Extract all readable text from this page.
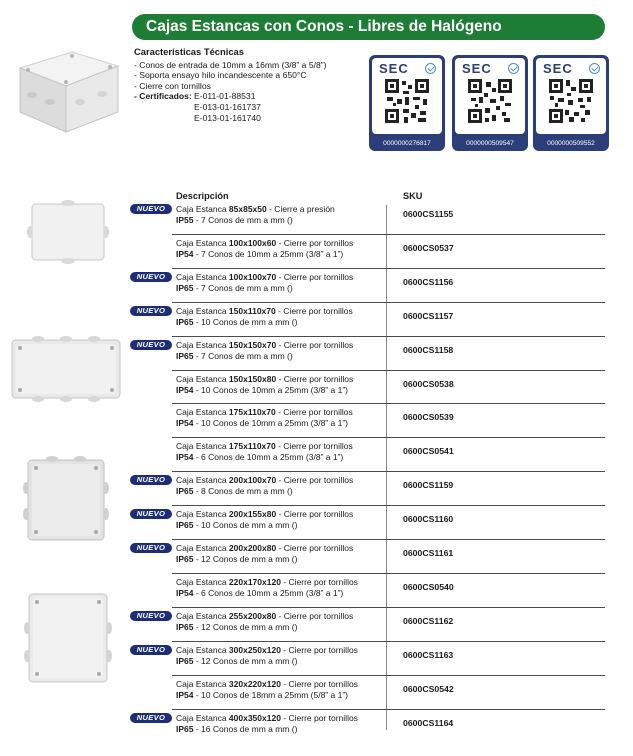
Cajas Estancas con Conos - Libres de Halógeno
Características Técnicas
- Conos de entrada de 10mm a 16mm (3/8” a 5/8”)
- Soporta ensayo hilo incandescente a 650°C
- Cierre con tornillos
- Certificados: E-011-01-88531
E-013-01-161737
E-013-01-161740
SEC
0000000276817
SEC
0000000509547
SEC
0000000509552
Descripción	SKU
NUEVO	Caja Estanca 85x85x50 - Cierre a presión
IP55 - 7 Conos de mm a mm ()
0600CS1155
Caja Estanca 100x100x60 - Cierre por tornillos
IP54 - 7 Conos de 10mm a 25mm (3/8” a 1”)
0600CS0537
NUEVO	Caja Estanca 100x100x70 - Cierre por tornillos
IP65 - 7 Conos de mm a mm ()
0600CS1156
NUEVO	Caja Estanca 150x110x70 - Cierre por tornillos
IP65 - 10 Conos de mm a mm ()
0600CS1157
NUEVO	Caja Estanca 150x150x70 - Cierre por tornillos
IP65 - 7 Conos de mm a mm ()
0600CS1158
Caja Estanca 150x150x80 - Cierre por tornillos
IP54 - 10 Conos de 10mm a 25mm (3/8” a 1”)
0600CS0538
Caja Estanca 175x110x70 - Cierre por tornillos
IP54 - 10 Conos de 10mm a 25mm (3/8” a 1”)
0600CS0539
Caja Estanca 175x110x70 - Cierre por tornillos
IP54 - 6 Conos de 10mm a 25mm (3/8” a 1”)
0600CS0541
NUEVO	Caja Estanca 200x100x70 - Cierre por tornillos
IP65 - 8 Conos de mm a mm ()
0600CS1159
NUEVO	Caja Estanca 200x155x80 - Cierre por tornillos
IP65 - 10 Conos de mm a mm ()
0600CS1160
NUEVO	Caja Estanca 200x200x80 - Cierre por tornillos
IP65 - 12 Conos de mm a mm ()
0600CS1161
Caja Estanca 220x170x120 - Cierre por tornillos
IP54 - 6 Conos de 10mm a 25mm (3/8” a 1”)
0600CS0540
NUEVO	Caja Estanca 255x200x80 - Cierre por tornillos
IP65 - 12 Conos de mm a mm ()
0600CS1162
NUEVO	Caja Estanca 300x250x120 - Cierre por tornillos
IP65 - 12 Conos de mm a mm ()
0600CS1163
Caja Estanca 320x220x120 - Cierre por tornillos
IP54 - 10 Conos de 18mm a 25mm (5/8” a 1”)
0600CS0542
NUEVO	Caja Estanca 400x350x120 - Cierre por tornillos
IP65 - 16 Conos de mm a mm ()
0600CS1164
